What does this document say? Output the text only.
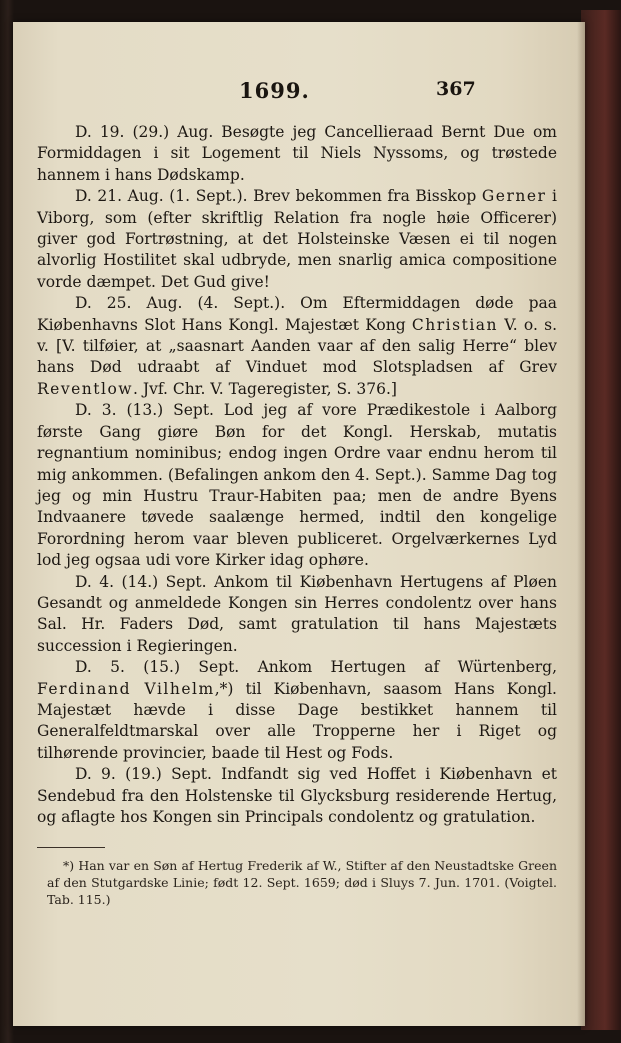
1699.	367

D. 19. (29.) Aug. Besøgte jeg Cancellieraad Bernt Due om Formiddagen i sit Logement til Niels Nyssoms, og trøstede hannem i hans Dødskamp.

D. 21. Aug. (1. Sept.). Brev bekommen fra Bisskop Gerner i Viborg, som (efter skriftlig Relation fra nogle høie Officerer) giver god Fortrøstning, at det Holsteinske Væsen ei til nogen alvorlig Hostilitet skal udbryde, men snarlig amica compositione vorde dæmpet. Det Gud give!

D. 25. Aug. (4. Sept.). Om Eftermiddagen døde paa Kiøbenhavns Slot Hans Kongl. Majestæt Kong Christian V. o. s. v. [V. tilføier, at „saasnart Aanden vaar af den salig Herre“ blev hans Død udraabt af Vinduet mod Slotspladsen af Grev Reventlow. Jvf. Chr. V. Tageregister, S. 376.]

D. 3. (13.) Sept. Lod jeg af vore Prædikestole i Aalborg første Gang giøre Bøn for det Kongl. Herskab, mutatis regnantium nominibus; endog ingen Ordre vaar endnu herom til mig ankommen. (Befalingen ankom den 4. Sept.). Samme Dag tog jeg og min Hustru Traur-Habiten paa; men de andre Byens Indvaanere tøvede saalænge hermed, indtil den kongelige Forordning herom vaar bleven publiceret. Orgelværkernes Lyd lod jeg ogsaa udi vore Kirker idag ophøre.

D. 4. (14.) Sept. Ankom til Kiøbenhavn Hertugens af Pløen Gesandt og anmeldede Kongen sin Herres condolentz over hans Sal. Hr. Faders Død, samt gratulation til hans Majestæts succession i Regieringen.

D. 5. (15.) Sept. Ankom Hertugen af Würtenberg, Ferdinand Vilhelm,*) til Kiøbenhavn, saasom Hans Kongl. Majestæt hævde i disse Dage bestikket hannem til Generalfeldtmarskal over alle Tropperne her i Riget og tilhørende provincier, baade til Hest og Fods.

D. 9. (19.) Sept. Indfandt sig ved Hoffet i Kiøbenhavn et Sendebud fra den Holstenske til Glycksburg residerende Hertug, og aflagte hos Kongen sin Principals condolentz og gratulation.

*) Han var en Søn af Hertug Frederik af W., Stifter af den Neustadtske Green af den Stutgardske Linie; født 12. Sept. 1659; død i Sluys 7. Jun. 1701. (Voigtel. Tab. 115.)
